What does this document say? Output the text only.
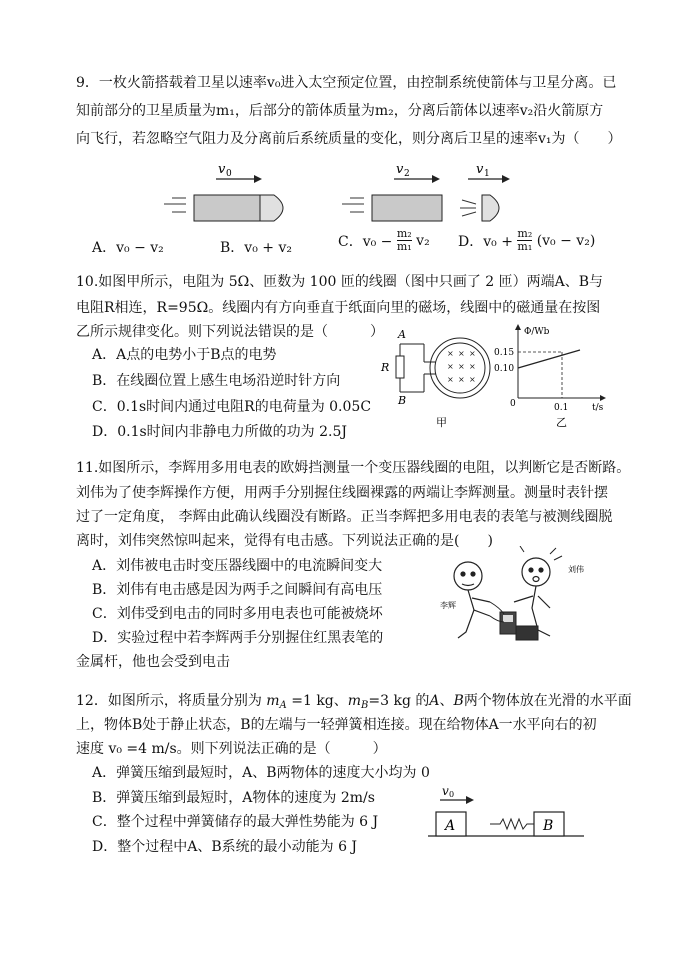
9．一枚火箭搭载着卫星以速率v₀进入太空预定位置，由控制系统使箭体与卫星分离。已
知前部分的卫星质量为m₁，后部分的箭体质量为m₂，分离后箭体以速率v₂沿火箭原方
向飞行，若忽略空气阻力及分离前后系统质量的变化，则分离后卫星的速率v₁为（　　）
v 0	v 2	v 1
A．v₀ − v₂	B．v₀ + v₂	C．$v_0 - \frac{\text{m₂}}{\text{m₁}} v_2$ D．$v_0 + \frac{\text{m₂}}{\text{m₁}} (v_0 - v_2)$
10.如图甲所示，电阻为 5Ω、匝数为 100 匝的线圈（图中只画了 2 匝）两端A、B与
电阻R相连，R=95Ω。线圈内有方向垂直于纸面向里的磁场，线圈中的磁通量在按图
乙所示规律变化。则下列说法错误的是（　　　）
A．A点的电势小于B点的电势
B．在线圈位置上感生电场沿逆时针方向
C．0.1s时间内通过电阻R的电荷量为 0.05C
D．0.1s时间内非静电力所做的功为 2.5J
× × ×
× × ×
× × ×
A
B
R
甲
Φ/Wb
t/s
0.15
0.10
0	0.1
乙
11.如图所示，李辉用多用电表的欧姆挡测量一个变压器线圈的电阻，以判断它是否断路。
刘伟为了使李辉操作方便，用两手分别握住线圈裸露的两端让李辉测量。测量时表针摆
过了一定角度， 李辉由此确认线圈没有断路。正当李辉把多用电表的表笔与被测线圈脱
离时，刘伟突然惊叫起来，觉得有电击感。下列说法正确的是(　　)
A．刘伟被电击时变压器线圈中的电流瞬间变大
B．刘伟有电击感是因为两手之间瞬间有高电压
C．刘伟受到电击的同时多用电表也可能被烧坏
D．实验过程中若李辉两手分别握住红黑表笔的
金属杆，他也会受到电击
李辉
刘伟
12．如图所示，将质量分别为 $m_A =1$ kg、$m_B=3$ kg 的A、B两个物体放在光滑的水平面
上，物体B处于静止状态，B的左端与一轻弹簧相连接。现在给物体A一水平向右的初
速度 v₀ =4 m/s。则下列说法正确的是（　　　）
A．弹簧压缩到最短时，A、B两物体的速度大小均为 0
B．弹簧压缩到最短时，A物体的速度为 2m/s
C．整个过程中弹簧储存的最大弹性势能为 6 J
D．整个过程中A、B系统的最小动能为 6 J
A
v 0
B
